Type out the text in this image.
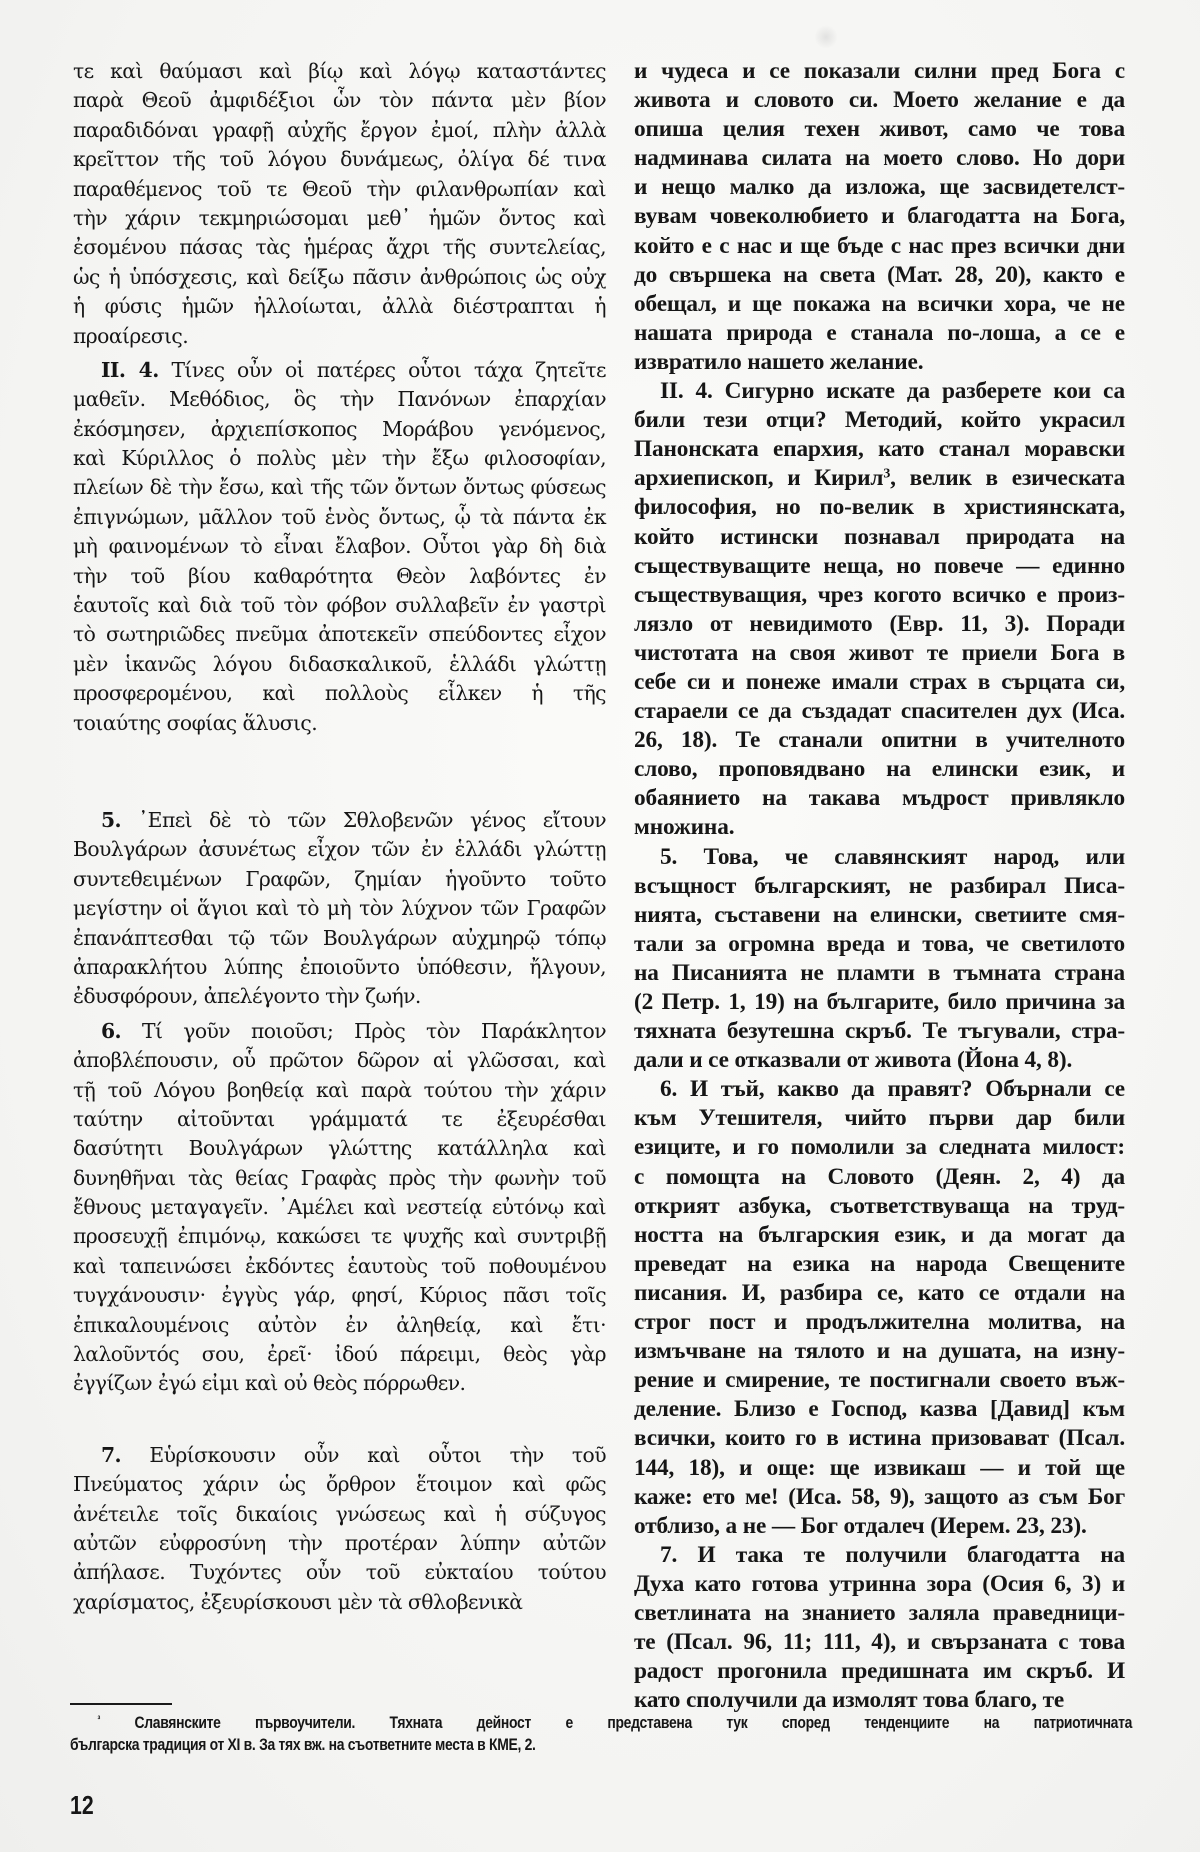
τε καὶ θαύμασι καὶ βίῳ καὶ λόγῳ καταστάντες
παρὰ Θεοῦ ἀμφιδέξιοι ὧν τὸν πάντα μὲν βίον
παραδιδόναι γραφῇ αὐχῆς ἔργον ἐμοί, πλὴν ἀλλὰ
κρεῖττον τῆς τοῦ λόγου δυνάμεως, ὀλίγα δέ τινα
παραθέμενος τοῦ τε Θεοῦ τὴν φιλανθρωπίαν καὶ
τὴν χάριν τεκμηριώσομαι μεθ᾽ ἡμῶν ὄντος καὶ
ἐσομένου πάσας τὰς ἡμέρας ἄχρι τῆς συντελείας,
ὡς ἡ ὑπόσχεσις, καὶ δείξω πᾶσιν ἀνθρώποις ὡς οὐχ
ἡ φύσις ἡμῶν ἠλλοίωται, ἀλλὰ διέστραπται ἡ
προαίρεσις.
II. 4. Τίνες οὖν οἱ πατέρες οὗτοι τάχα ζητεῖτε
μαθεῖν. Μεθόδιος, ὃς τὴν Πανόνων ἐπαρχίαν
ἐκόσμησεν, ἀρχιεπίσκοπος Μοράβου γενόμενος,
καὶ Κύριλλος ὁ πολὺς μὲν τὴν ἔξω φιλοσοφίαν,
πλείων δὲ τὴν ἔσω, καὶ τῆς τῶν ὄντων ὄντως φύσεως
ἐπιγνώμων, μᾶλλον τοῦ ἑνὸς ὄντως, ᾧ τὰ πάντα ἐκ
μὴ φαινομένων τὸ εἶναι ἔλαβον. Οὗτοι γὰρ δὴ διὰ
τὴν τοῦ βίου καθαρότητα Θεὸν λαβόντες ἐν
ἑαυτοῖς καὶ διὰ τοῦ τὸν φόβον συλλαβεῖν ἐν γαστρὶ
τὸ σωτηριῶδες πνεῦμα ἀποτεκεῖν σπεύδοντες εἶχον
μὲν ἱκανῶς λόγου διδασκαλικοῦ, ἑλλάδι γλώττῃ
προσφερομένου, καὶ πολλοὺς εἷλκεν ἡ τῆς
τοιαύτης σοφίας ἅλυσις.
5. ᾽Επεὶ δὲ τὸ τῶν Σθλοβενῶν γένος εἴτουν
Βουλγάρων ἀσυνέτως εἶχον τῶν ἐν ἑλλάδι γλώττῃ
συντεθειμένων Γραφῶν, ζημίαν ἡγοῦντο τοῦτο
μεγίστην οἱ ἅγιοι καὶ τὸ μὴ τὸν λύχνον τῶν Γραφῶν
ἐπανάπτεσθαι τῷ τῶν Βουλγάρων αὐχμηρῷ τόπῳ
ἀπαρακλήτου λύπης ἐποιοῦντο ὑπόθεσιν, ἤλγουν,
ἐδυσφόρουν, ἀπελέγοντο τὴν ζωήν.
6. Τί γοῦν ποιοῦσι; Πρὸς τὸν Παράκλητον
ἀποβλέπουσιν, οὗ πρῶτον δῶρον αἱ γλῶσσαι, καὶ
τῇ τοῦ Λόγου βοηθείᾳ καὶ παρὰ τούτου τὴν χάριν
ταύτην αἰτοῦνται γράμματά τε ἐξευρέσθαι
δασύτητι Βουλγάρων γλώττης κατάλληλα καὶ
δυνηθῆναι τὰς θείας Γραφὰς πρὸς τὴν φωνὴν τοῦ
ἔθνους μεταγαγεῖν. ᾽Αμέλει καὶ νεστείᾳ εὐτόνῳ καὶ
προσευχῇ ἐπιμόνῳ, κακώσει τε ψυχῆς καὶ συντριβῇ
καὶ ταπεινώσει ἐκδόντες ἑαυτοὺς τοῦ ποθουμένου
τυγχάνουσιν· ἐγγὺς γάρ, φησί, Κύριος πᾶσι τοῖς
ἐπικαλουμένοις αὐτὸν ἐν ἀληθείᾳ, καὶ ἔτι·
λαλοῦντός σου, ἐρεῖ· ἰδού πάρειμι, θεὸς γὰρ
ἐγγίζων ἐγώ εἰμι καὶ οὐ θεὸς πόρρωθεν.
7. Εὑρίσκουσιν οὖν καὶ οὗτοι τὴν τοῦ
Πνεύματος χάριν ὡς ὄρθρον ἕτοιμον καὶ φῶς
ἀνέτειλε τοῖς δικαίοις γνώσεως καὶ ἡ σύζυγος
αὐτῶν εὐφροσύνη τὴν προτέραν λύπην αὐτῶν
ἀπήλασε. Τυχόντες οὖν τοῦ εὐκταίου τούτου
χαρίσματος, ἐξευρίσκουσι μὲν τὰ σθλοβενικὰ
и чудеса и се показали силни пред Бога с
живота и словото си. Моето желание е да
опиша целия техен живот, само че това
надминава силата на моето слово. Но дори
и нещо малко да изложа, ще засвидетелст-
вувам човеколюбието и благодатта на Бога,
който е с нас и ще бъде с нас през всички дни
до свършека на света (Мат. 28, 20), както е
обещал, и ще покажа на всички хора, че не
нашата природа е станала по-лоша, а се е
извратило нашето желание.
II. 4. Сигурно искате да разберете кои са
били тези отци? Методий, който украсил
Панонската епархия, като станал моравски
архиепископ, и Кирил$^3$, велик в езическата
философия, но по-велик в християнската,
който истински познавал природата на
съществуващите неща, но повече — единно
съществуващия, чрез когото всичко е произ-
лязло от невидимото (Евр. 11, 3). Поради
чистотата на своя живот те приели Бога в
себе си и понеже имали страх в сърцата си,
стараели се да създадат спасителен дух (Иса.
26, 18). Те станали опитни в учителното
слово, проповядвано на елински език, и
обаянието на такава мъдрост привлякло
множина.
5. Това, че славянският народ, или
всъщност българският, не разбирал Писа-
нията, съставени на елински, светиите смя-
тали за огромна вреда и това, че светилото
на Писанията не пламти в тъмната страна
(2 Петр. 1, 19) на българите, било причина за
тяхната безутешна скръб. Те тъгували, стра-
дали и се отказвали от живота (Йона 4, 8).
6. И тъй, какво да правят? Обърнали се
към Утешителя, чийто първи дар били
езиците, и го помолили за следната милост:
с помощта на Словото (Деян. 2, 4) да
открият азбука, съответствуваща на труд-
ността на българския език, и да могат да
преведат на езика на народа Свещените
писания. И, разбира се, като се отдали на
строг пост и продължителна молитва, на
измъчване на тялото и на душата, на изну-
рение и смирение, те постигнали своето въж-
деление. Близо е Господ, казва [Давид] към
всички, които го в истина призовават (Псал.
144, 18), и още: ще извикаш — и той ще
каже: ето ме! (Иса. 58, 9), защото аз съм Бог
отблизо, а не — Бог отдалеч (Иерем. 23, 23).
7. И така те получили благодатта на
Духа като готова утринна зора (Осия 6, 3) и
светлината на знанието заляла праведници-
те (Псал. 96, 11; 111, 4), и свързаната с това
радост прогонила предишната им скръб. И
като сполучили да измолят това благо, те
$^{^3}$ Славянските първоучители. Тяхната дейност е представена тук според тенденциите на патриотичната
българска традиция от XI в. За тях вж. на съответните места в КМЕ, 2.
12
